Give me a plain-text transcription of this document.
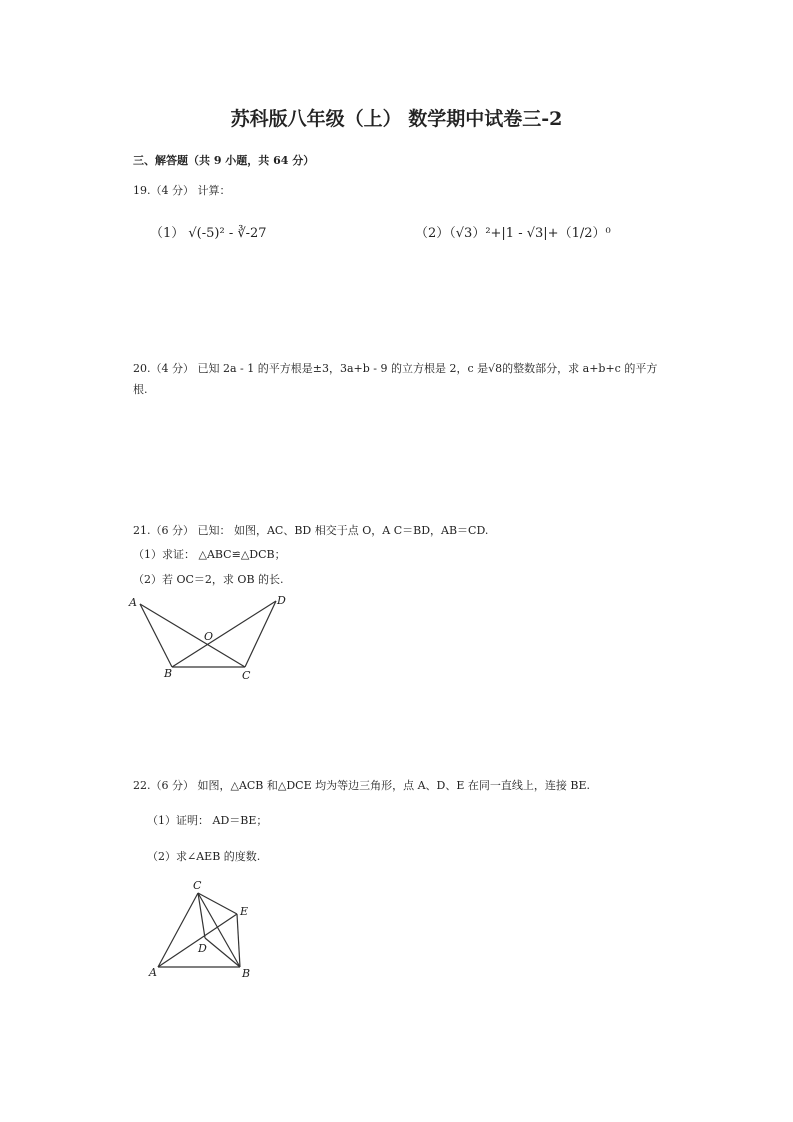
苏科版八年级（上） 数学期中试卷三-2
三、解答题（共 9 小题，共 64 分）
19.（4 分） 计算：
（1） √(-5)² - ∛-27	（2）（√3）²+|1 - √3|+（1/2）⁰
20.（4 分） 已知 2a - 1 的平方根是±3，3a+b - 9 的立方根是 2，c 是√8的整数部分，求 a+b+c 的平方
根.
21.（6 分） 已知： 如图，AC、BD 相交于点 O，A C＝BD，AB＝CD.
（1）求证： △ABC≌△DCB；
（2）若 OC＝2，求 OB 的长.
A	D
O
B	C
C
E
D
A	B
22.（6 分） 如图，△ACB 和△DCE 均为等边三角形，点 A、D、E 在同一直线上，连接 BE.
（1）证明： AD＝BE；
（2）求∠AEB 的度数.
